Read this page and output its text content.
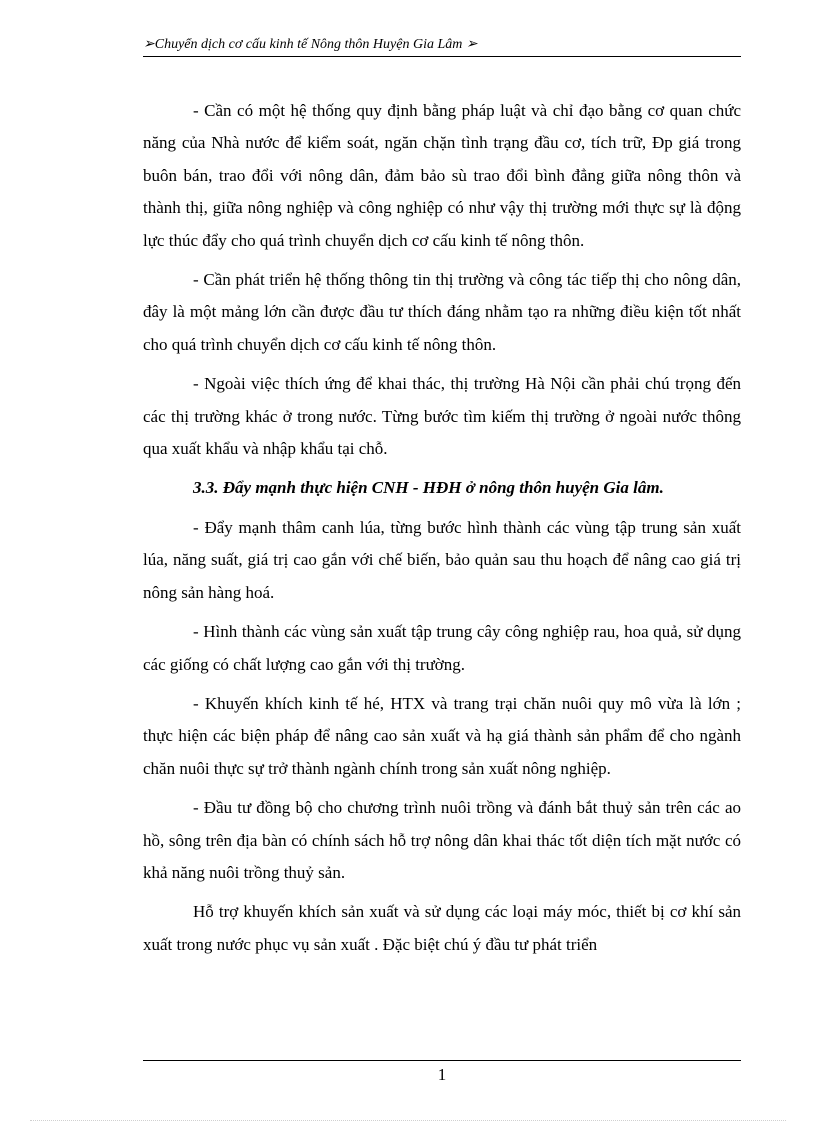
➢Chuyển dịch cơ cấu kinh tế Nông thôn Huyện Gia Lâm ➢

- Cần có một hệ thống quy định bằng pháp luật và chỉ đạo bằng cơ quan chức năng của Nhà nước để kiểm soát, ngăn chặn tình trạng đầu cơ, tích trữ, Đp giá trong buôn bán, trao đổi với nông dân, đảm bảo sù trao đổi bình đẳng giữa nông thôn và thành thị, giữa nông nghiệp và công nghiệp có như vậy thị trường mới thực sự là động lực thúc đẩy cho quá trình chuyển dịch cơ cấu kinh tế nông thôn.

- Cần phát triển hệ thống thông tin thị trường và công tác tiếp thị cho nông dân, đây là một mảng lớn cần được đầu tư thích đáng nhằm tạo ra những điều kiện tốt nhất cho quá trình chuyển dịch cơ cấu kinh tế nông thôn.

- Ngoài việc thích ứng để khai thác, thị trường Hà Nội cần phải chú trọng đến các thị trường khác ở trong nước. Từng bước tìm kiếm thị trường ở ngoài nước thông qua xuất khẩu và nhập khẩu tại chỗ.

3.3. Đẩy mạnh thực hiện CNH - HĐH ở nông thôn huyện Gia lâm.

- Đẩy mạnh thâm canh lúa, từng bước hình thành các vùng tập trung sản xuất lúa, năng suất, giá trị cao gắn với chế biến, bảo quản sau thu hoạch để nâng cao giá trị nông sản hàng hoá.

- Hình thành các vùng sản xuất tập trung cây công nghiệp rau, hoa quả, sử dụng các giống có chất lượng cao gắn với thị trường.

- Khuyến khích kinh tế hé, HTX và trang trại chăn nuôi quy mô vừa là lớn ; thực hiện các biện pháp để nâng cao sản xuất và hạ giá thành sản phẩm để cho ngành chăn nuôi thực sự trở thành ngành chính trong sản xuất nông nghiệp.

- Đầu tư đồng bộ cho chương trình nuôi trồng và đánh bắt thuỷ sản trên các ao hồ, sông trên địa bàn có chính sách hỗ trợ nông dân khai thác tốt diện tích mặt nước có khả năng nuôi trồng thuỷ sản.

Hỗ trợ khuyến khích sản xuất và sử dụng các loại máy móc, thiết bị cơ khí sản xuất trong nước phục vụ sản xuất . Đặc biệt chú ý đầu tư phát triển

1
